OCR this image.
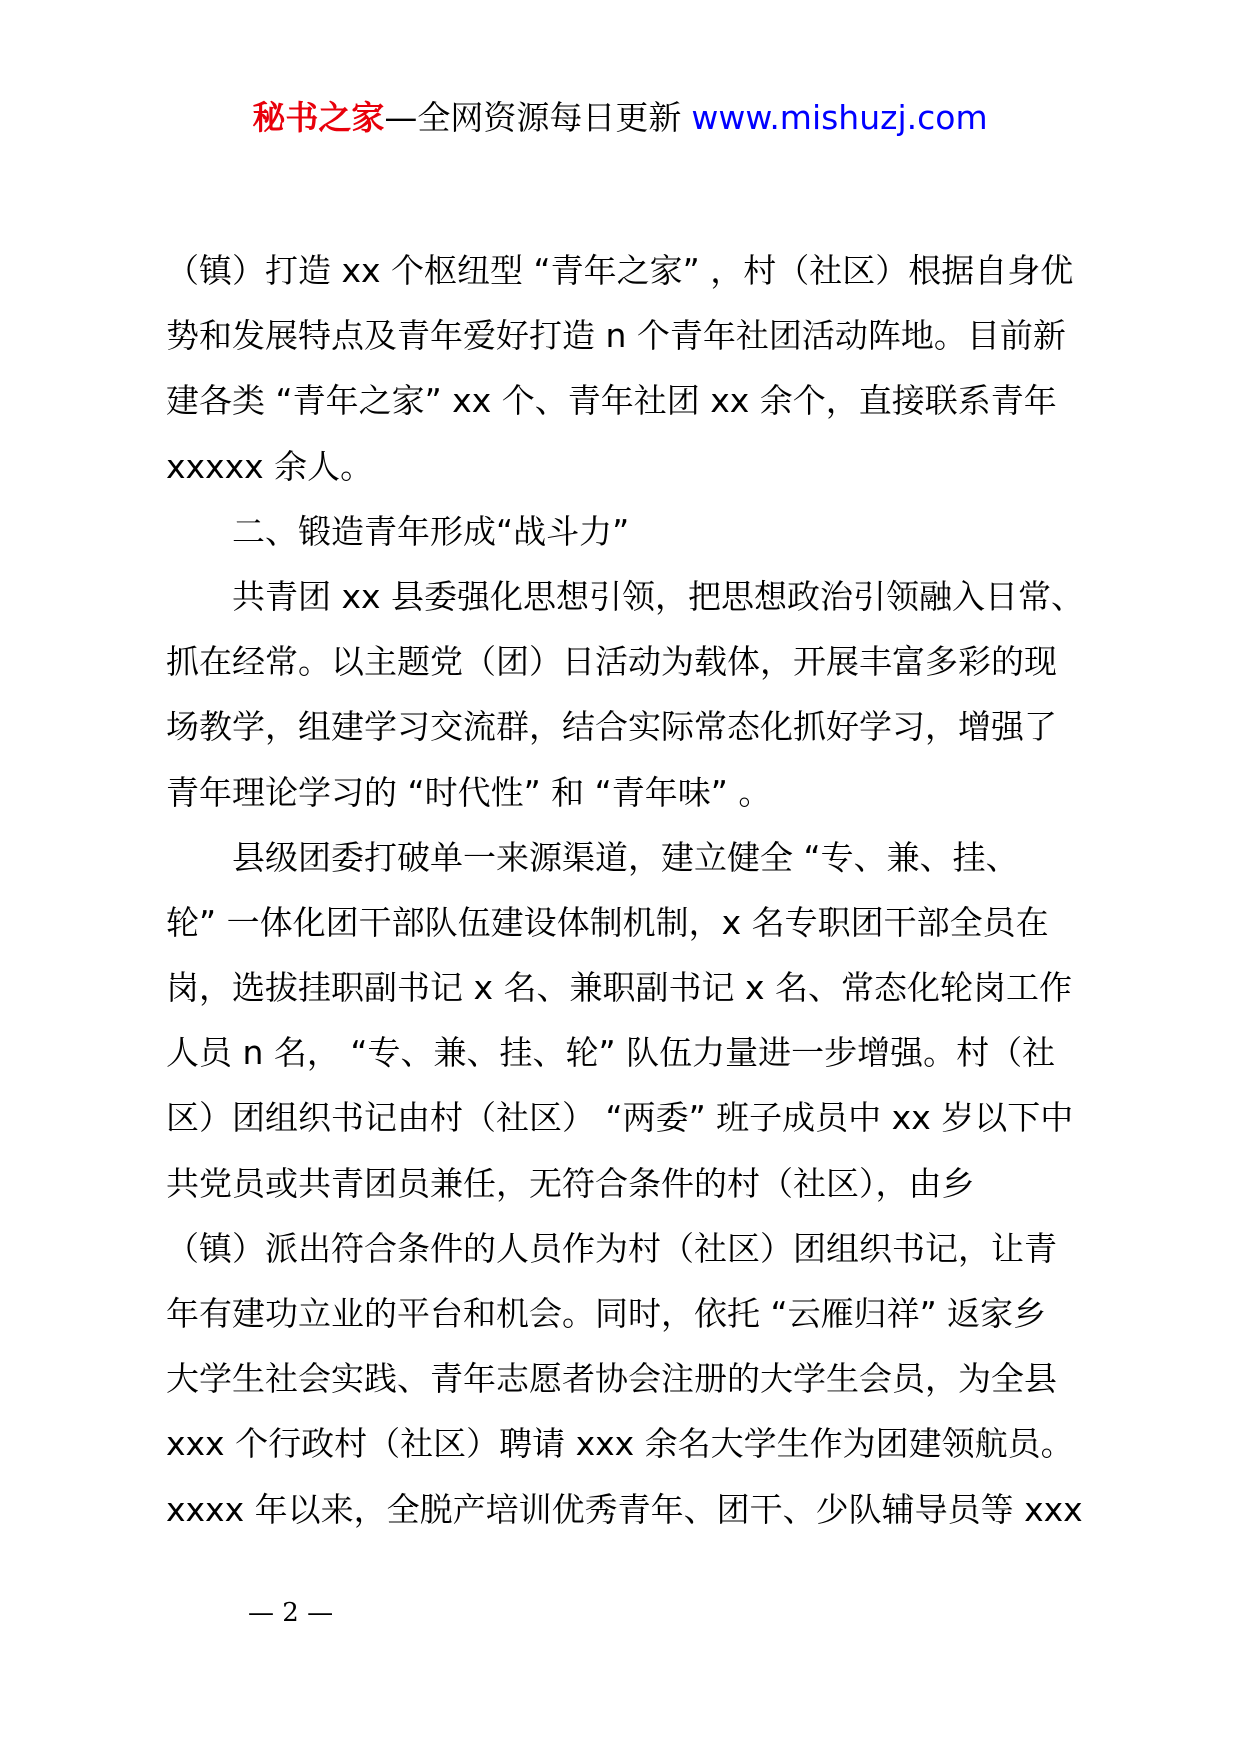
秘书之家—全网资源每日更新 www.mishuzj.com
（镇）打造 xx 个枢纽型 “青年之家” ，村（社区）根据自身优
势和发展特点及青年爱好打造 n 个青年社团活动阵地。目前新
建各类 “青年之家” xx 个、青年社团 xx 余个，直接联系青年
xxxxx 余人。
二、锻造青年形成“战斗力”
共青团 xx 县委强化思想引领，把思想政治引领融入日常、
抓在经常。以主题党（团）日活动为载体，开展丰富多彩的现
场教学，组建学习交流群，结合实际常态化抓好学习，增强了
青年理论学习的 “时代性” 和 “青年味” 。
县级团委打破单一来源渠道，建立健全 “专、兼、挂、
轮” 一体化团干部队伍建设体制机制，x 名专职团干部全员在
岗，选拔挂职副书记 x 名、兼职副书记 x 名、常态化轮岗工作
人员 n 名， “专、兼、挂、轮” 队伍力量进一步增强。村（社
区）团组织书记由村（社区） “两委” 班子成员中 xx 岁以下中
共党员或共青团员兼任，无符合条件的村（社区），由乡
（镇）派出符合条件的人员作为村（社区）团组织书记，让青
年有建功立业的平台和机会。同时，依托 “云雁归祥” 返家乡
大学生社会实践、青年志愿者协会注册的大学生会员，为全县
xxx 个行政村（社区）聘请 xxx 余名大学生作为团建领航员。
xxxx 年以来，全脱产培训优秀青年、团干、少队辅导员等 xxx
— 2 —
